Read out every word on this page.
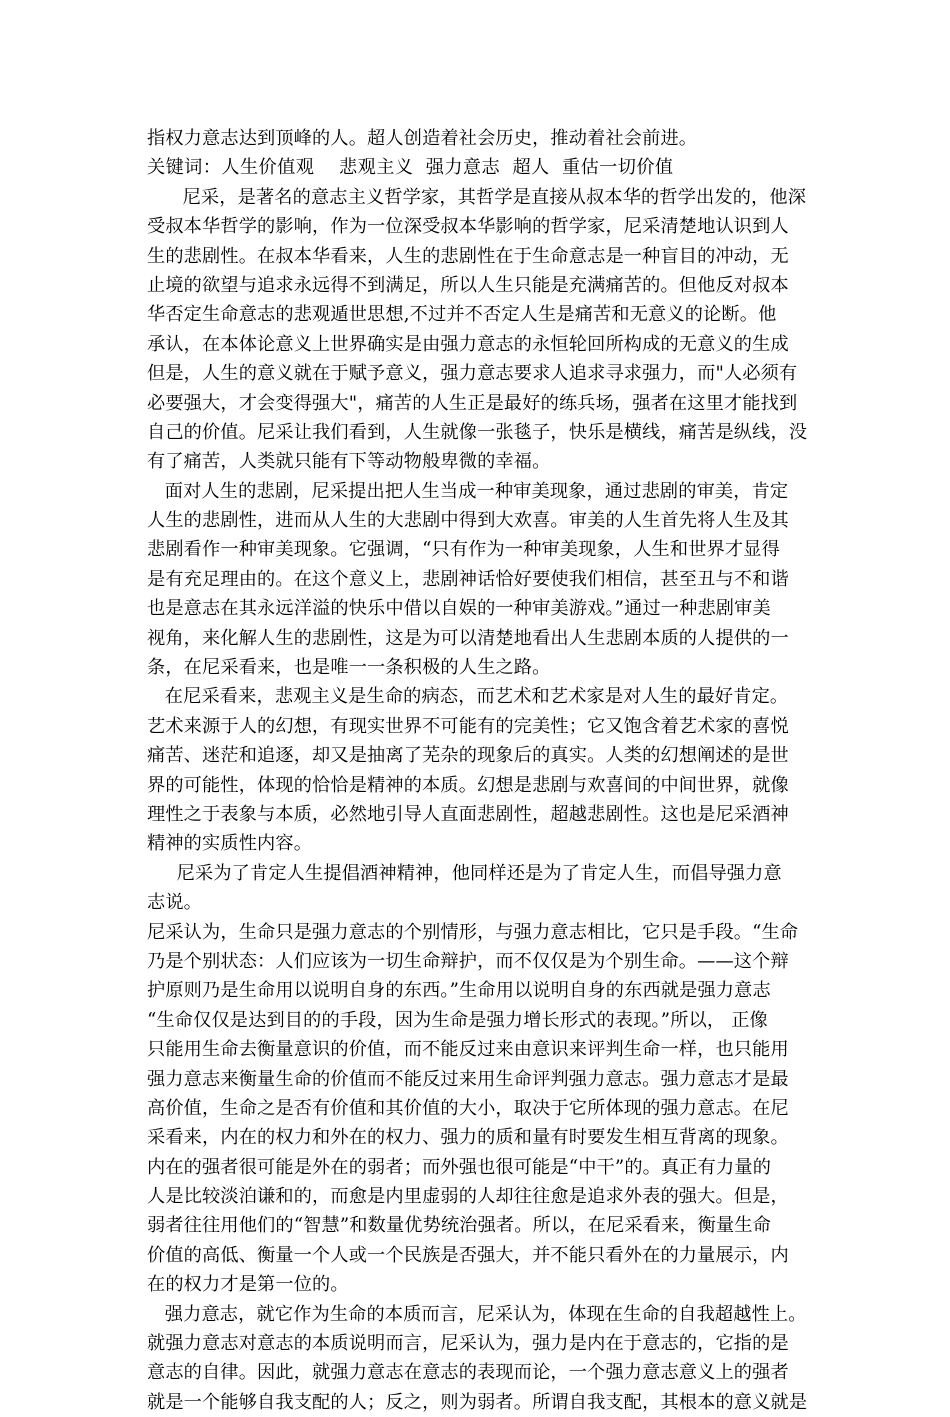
指权力意志达到顶峰的人。超人创造着社会历史，推动着社会前进。
关键词：人生价值观    悲观主义  强力意志  超人  重估一切价值
尼采，是著名的意志主义哲学家，其哲学是直接从叔本华的哲学出发的，他深
受叔本华哲学的影响，作为一位深受叔本华影响的哲学家，尼采清楚地认识到人
生的悲剧性。在叔本华看来，人生的悲剧性在于生命意志是一种盲目的冲动，无
止境的欲望与追求永远得不到满足，所以人生只能是充满痛苦的。但他反对叔本
华否定生命意志的悲观遁世思想,不过并不否定人生是痛苦和无意义的论断。他
承认，在本体论意义上世界确实是由强力意志的永恒轮回所构成的无意义的生成
但是，人生的意义就在于赋予意义，强力意志要求人追求寻求强力，而"人必须有
必要强大，才会变得强大"，痛苦的人生正是最好的练兵场，强者在这里才能找到
自己的价值。尼采让我们看到，人生就像一张毯子，快乐是横线，痛苦是纵线，没
有了痛苦，人类就只能有下等动物般卑微的幸福。
面对人生的悲剧，尼采提出把人生当成一种审美现象，通过悲剧的审美，肯定
人生的悲剧性，进而从人生的大悲剧中得到大欢喜。审美的人生首先将人生及其
悲剧看作一种审美现象。它强调，“只有作为一种审美现象，人生和世界才显得
是有充足理由的。在这个意义上，悲剧神话恰好要使我们相信，甚至丑与不和谐
也是意志在其永远洋溢的快乐中借以自娱的一种审美游戏。”通过一种悲剧审美
视角，来化解人生的悲剧性，这是为可以清楚地看出人生悲剧本质的人提供的一
条，在尼采看来，也是唯一一条积极的人生之路。
在尼采看来，悲观主义是生命的病态，而艺术和艺术家是对人生的最好肯定。
艺术来源于人的幻想，有现实世界不可能有的完美性；它又饱含着艺术家的喜悦
痛苦、迷茫和追逐，却又是抽离了芜杂的现象后的真实。人类的幻想阐述的是世
界的可能性，体现的恰恰是精神的本质。幻想是悲剧与欢喜间的中间世界，就像
理性之于表象与本质，必然地引导人直面悲剧性，超越悲剧性。这也是尼采酒神
精神的实质性内容。
尼采为了肯定人生提倡酒神精神，他同样还是为了肯定人生，而倡导强力意
志说。
尼采认为，生命只是强力意志的个别情形，与强力意志相比，它只是手段。“生命
乃是个别状态：人们应该为一切生命辩护，而不仅仅是为个别生命。——这个辩
护原则乃是生命用以说明自身的东西。”生命用以说明自身的东西就是强力意志
“生命仅仅是达到目的的手段，因为生命是强力增长形式的表现。”所以， 正像
只能用生命去衡量意识的价值，而不能反过来由意识来评判生命一样，也只能用
强力意志来衡量生命的价值而不能反过来用生命评判强力意志。强力意志才是最
高价值，生命之是否有价值和其价值的大小，取决于它所体现的强力意志。在尼
采看来，内在的权力和外在的权力、强力的质和量有时要发生相互背离的现象。
内在的强者很可能是外在的弱者；而外强也很可能是“中干”的。真正有力量的
人是比较淡泊谦和的，而愈是内里虚弱的人却往往愈是追求外表的强大。但是，
弱者往往用他们的“智慧”和数量优势统治强者。所以，在尼采看来，衡量生命
价值的高低、衡量一个人或一个民族是否强大，并不能只看外在的力量展示，内
在的权力才是第一位的。
强力意志，就它作为生命的本质而言，尼采认为，体现在生命的自我超越性上。
就强力意志对意志的本质说明而言，尼采认为，强力是内在于意志的，它指的是
意志的自律。因此，就强力意志在意志的表现而论，一个强力意志意义上的强者
就是一个能够自我支配的人；反之，则为弱者。所谓自我支配，其根本的意义就是
